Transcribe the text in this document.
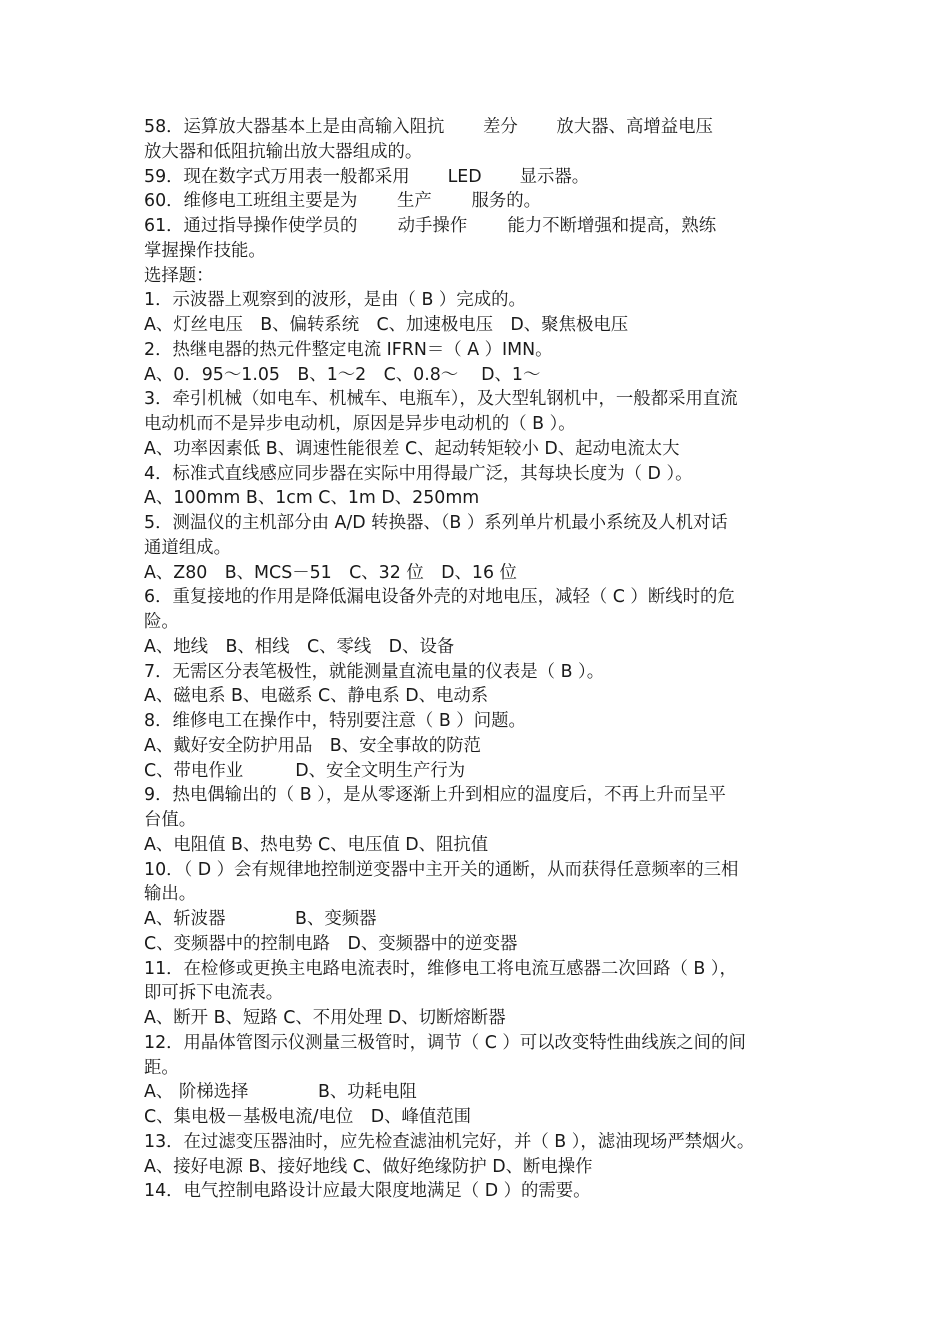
58．运算放大器基本上是由高输入阻抗 差分 放大器、高增益电压
放大器和低阻抗输出放大器组成的。
59．现在数字式万用表一般都采用 LED 显示器。
60．维修电工班组主要是为 生产 服务的。
61．通过指导操作使学员的 动手操作 能力不断增强和提高，熟练
掌握操作技能。
选择题：
1．示波器上观察到的波形，是由（ B ）完成的。
A、灯丝电压　B、偏转系统　C、加速极电压　D、聚焦极电压
2．热继电器的热元件整定电流 IFRN＝（ A ）IMN。
A、0．95～1.05　B、1～2　C、0.8～　 D、1～
3．牵引机械（如电车、机械车、电瓶车），及大型轧钢机中，一般都采用直流
电动机而不是异步电动机，原因是异步电动机的（ B ）。
A、功率因素低 B、调速性能很差 C、起动转矩较小 D、起动电流太大
4．标准式直线感应同步器在实际中用得最广泛，其每块长度为（ D ）。
A、100mm B、1cm C、1m D、250mm
5．测温仪的主机部分由 A/D 转换器、（B ）系列单片机最小系统及人机对话
通道组成。
A、Z80　B、MCS－51　C、32 位　D、16 位
6．重复接地的作用是降低漏电设备外壳的对地电压，减轻（ C ）断线时的危
险。
A、地线　B、相线　C、零线　D、设备
7．无需区分表笔极性，就能测量直流电量的仪表是（ B ）。
A、磁电系 B、电磁系 C、静电系 D、电动系
8．维修电工在操作中，特别要注意（ B ）问题。
A、戴好安全防护用品　B、安全事故的防范
C、带电作业　　　D、安全文明生产行为
9．热电偶输出的（ B ），是从零逐渐上升到相应的温度后，不再上升而呈平
台值。
A、电阻值 B、热电势 C、电压值 D、阻抗值
10．（ D ）会有规律地控制逆变器中主开关的通断，从而获得任意频率的三相
输出。
A、斩波器　　　　B、变频器
C、变频器中的控制电路　D、变频器中的逆变器
11．在检修或更换主电路电流表时，维修电工将电流互感器二次回路（ B ），
即可拆下电流表。
A、断开 B、短路 C、不用处理 D、切断熔断器
12．用晶体管图示仪测量三极管时，调节（ C ）可以改变特性曲线族之间的间
距。
A、 阶梯选择　　　　B、功耗电阻
C、集电极－基极电流/电位　D、峰值范围
13．在过滤变压器油时，应先检查滤油机完好，并（ B ），滤油现场严禁烟火。
A、接好电源 B、接好地线 C、做好绝缘防护 D、断电操作
14．电气控制电路设计应最大限度地满足（ D ）的需要。
